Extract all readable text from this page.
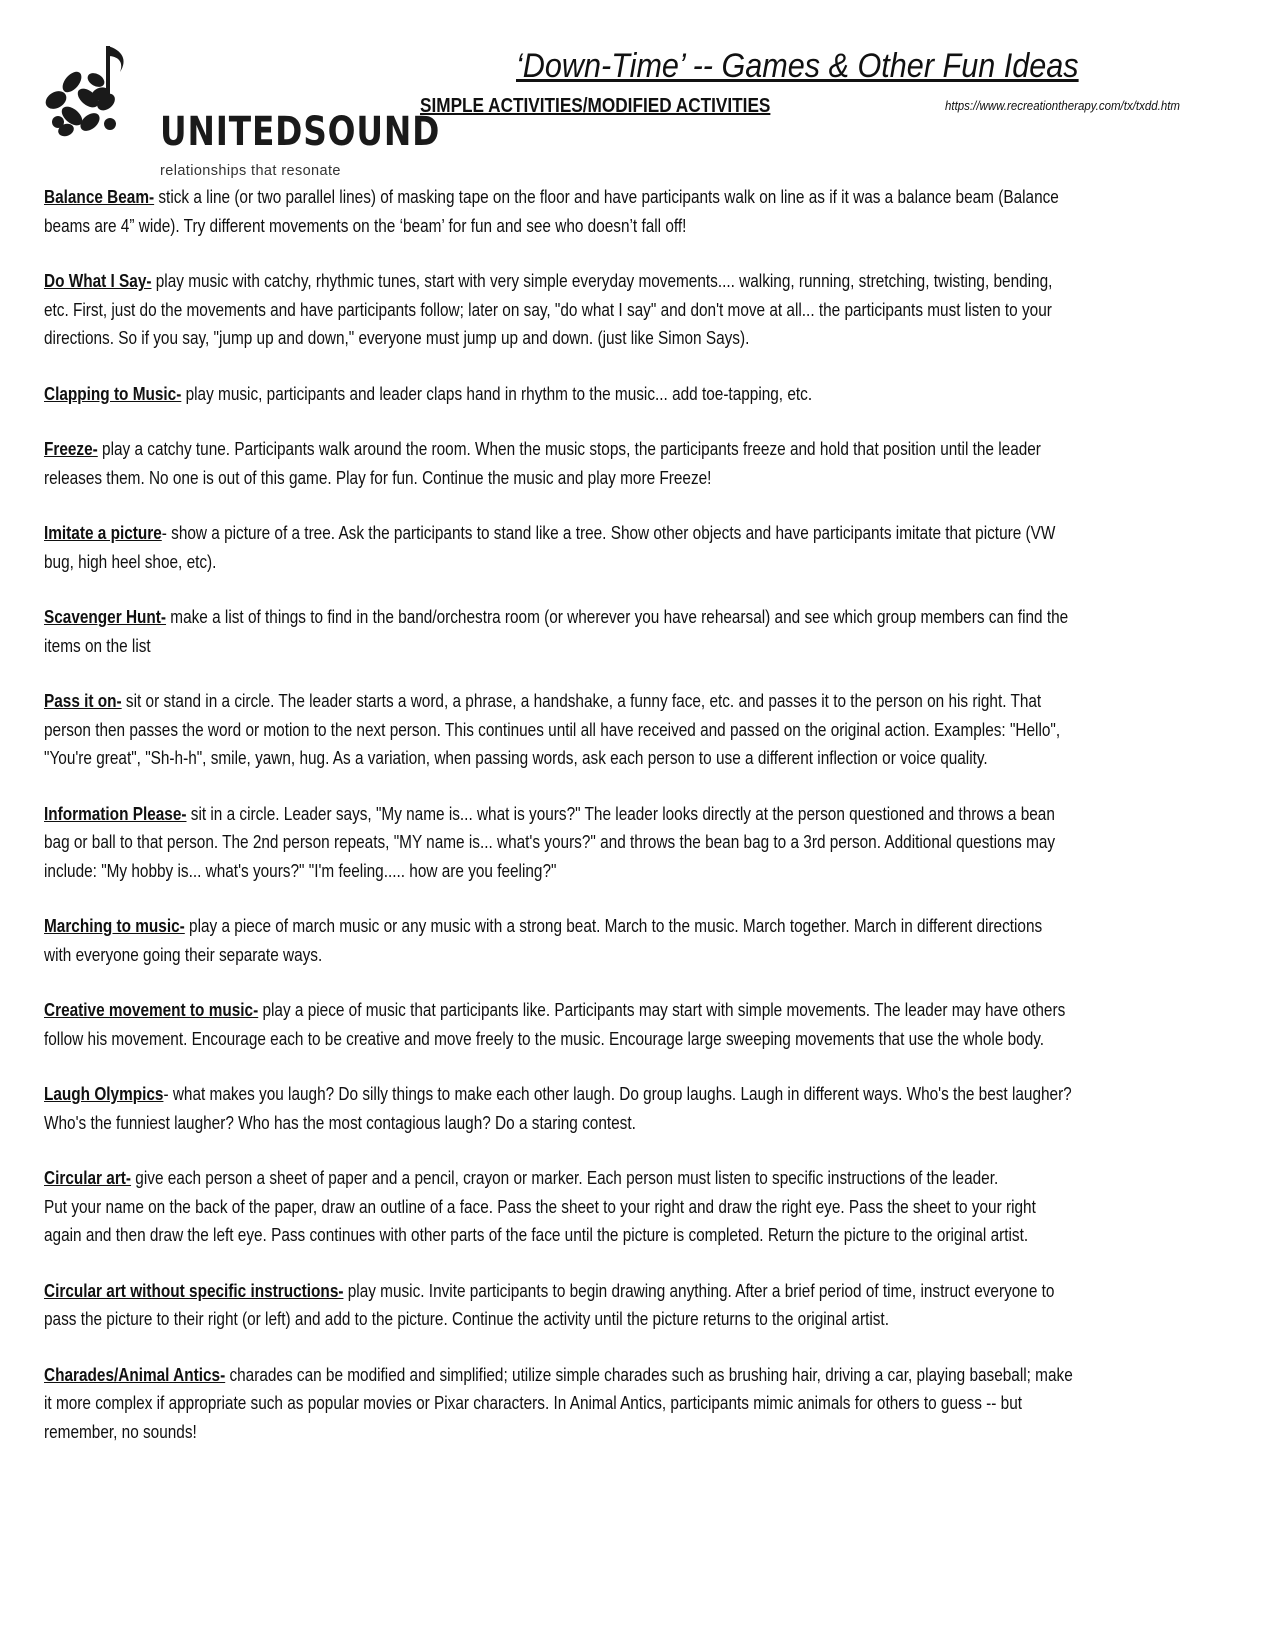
UNITEDSOUND
relationships that resonate
‘Down-Time’ -- Games & Other Fun Ideas
SIMPLE ACTIVITIES/MODIFIED ACTIVITIES	https://www.recreationtherapy.com/tx/txdd.htm
Balance Beam- stick a line (or two parallel lines) of masking tape on the floor and have participants walk on line as if it was a balance beam (Balance
beams are 4” wide). Try different movements on the ‘beam’ for fun and see who doesn’t fall off!
Do What I Say- play music with catchy, rhythmic tunes, start with very simple everyday movements.... walking, running, stretching, twisting, bending,
etc. First, just do the movements and have participants follow; later on say, "do what I say" and don't move at all... the participants must listen to your
directions. So if you say, "jump up and down," everyone must jump up and down. (just like Simon Says).
Clapping to Music- play music, participants and leader claps hand in rhythm to the music... add toe-tapping, etc.
Freeze- play a catchy tune. Participants walk around the room. When the music stops, the participants freeze and hold that position until the leader
releases them. No one is out of this game. Play for fun. Continue the music and play more Freeze!
Imitate a picture- show a picture of a tree. Ask the participants to stand like a tree. Show other objects and have participants imitate that picture (VW
bug, high heel shoe, etc).
Scavenger Hunt- make a list of things to find in the band/orchestra room (or wherever you have rehearsal) and see which group members can find the
items on the list
Pass it on- sit or stand in a circle. The leader starts a word, a phrase, a handshake, a funny face, etc. and passes it to the person on his right. That
person then passes the word or motion to the next person. This continues until all have received and passed on the original action. Examples: "Hello",
"You're great", "Sh-h-h", smile, yawn, hug. As a variation, when passing words, ask each person to use a different inflection or voice quality.
Information Please- sit in a circle. Leader says, "My name is... what is yours?" The leader looks directly at the person questioned and throws a bean
bag or ball to that person. The 2nd person repeats, "MY name is... what's yours?" and throws the bean bag to a 3rd person. Additional questions may
include: "My hobby is... what's yours?" "I'm feeling..... how are you feeling?"
Marching to music- play a piece of march music or any music with a strong beat. March to the music. March together. March in different directions
with everyone going their separate ways.
Creative movement to music- play a piece of music that participants like. Participants may start with simple movements. The leader may have others
follow his movement. Encourage each to be creative and move freely to the music. Encourage large sweeping movements that use the whole body.
Laugh Olympics- what makes you laugh? Do silly things to make each other laugh. Do group laughs. Laugh in different ways. Who's the best laugher?
Who's the funniest laugher? Who has the most contagious laugh? Do a staring contest.
Circular art- give each person a sheet of paper and a pencil, crayon or marker. Each person must listen to specific instructions of the leader.
Put your name on the back of the paper, draw an outline of a face. Pass the sheet to your right and draw the right eye. Pass the sheet to your right
again and then draw the left eye. Pass continues with other parts of the face until the picture is completed. Return the picture to the original artist.
Circular art without specific instructions- play music. Invite participants to begin drawing anything. After a brief period of time, instruct everyone to
pass the picture to their right (or left) and add to the picture. Continue the activity until the picture returns to the original artist.
Charades/Animal Antics- charades can be modified and simplified; utilize simple charades such as brushing hair, driving a car, playing baseball; make
it more complex if appropriate such as popular movies or Pixar characters. In Animal Antics, participants mimic animals for others to guess -- but
remember, no sounds!
